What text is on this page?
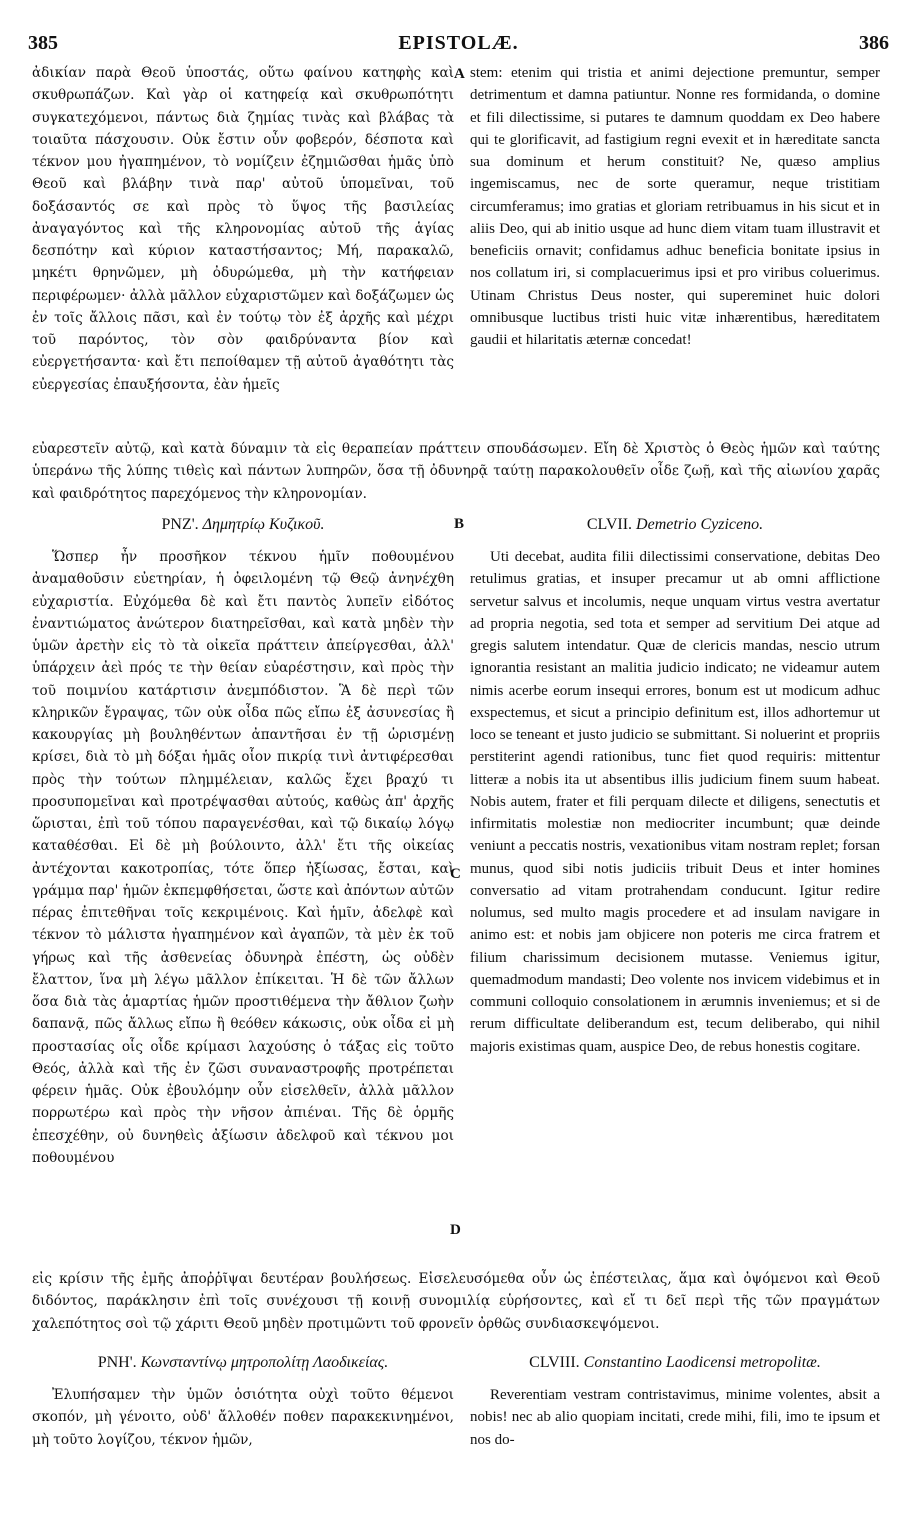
385	EPISTOLÆ.	386

ἀδικίαν παρὰ Θεοῦ ὑποστάς, οὕτω φαίνου κατηφὴς καὶ σκυθρωπάζων. Καὶ γὰρ οἱ κατηφείᾳ καὶ σκυθρωπότητι συγκατεχόμενοι, πάντως διὰ ζημίας τινὰς καὶ βλάβας τὰ τοιαῦτα πάσχουσιν. Οὐκ ἔστιν οὖν φοβερόν, δέσποτα καὶ τέκνον μου ἠγαπημένον, τὸ νομίζειν ἐζημιῶσθαι ἡμᾶς ὑπὸ Θεοῦ καὶ βλάβην τινὰ παρ' αὐτοῦ ὑπομεῖναι, τοῦ δοξάσαντός σε καὶ πρὸς τὸ ὕψος τῆς βασιλείας ἀναγαγόντος καὶ τῆς κληρονομίας αὐτοῦ τῆς ἁγίας δεσπότην καὶ κύριον καταστήσαντος; Μή, παρακαλῶ, μηκέτι θρηνῶμεν, μὴ ὀδυρώμεθα, μὴ τὴν κατήφειαν περιφέρωμεν· ἀλλὰ μᾶλλον εὐχαριστῶμεν καὶ δοξάζωμεν ὡς ἐν τοῖς ἄλλοις πᾶσι, καὶ ἐν τούτῳ τὸν ἐξ ἀρχῆς καὶ μέχρι τοῦ παρόντος, τὸν σὸν φαιδρύναντα βίον καὶ εὐεργετήσαντα· καὶ ἔτι πεποίθαμεν τῇ αὐτοῦ ἀγαθότητι τὰς εὐεργεσίας ἐπαυξήσοντα, ἐὰν ἡμεῖς

A stem: etenim qui tristia et animi dejectione premuntur, semper detrimentum et damna patiuntur. Nonne res formidanda, o domine et fili dilectissime, si putares te damnum quoddam ex Deo habere qui te glorificavit, ad fastigium regni evexit et in hæreditate sancta sua dominum et herum constituit? Ne, quæso amplius ingemiscamus, nec de sorte queramur, neque tristitiam circumferamus; imo gratias et gloriam retribuamus in his sicut et in aliis Deo, qui ab initio usque ad hunc diem vitam tuam illustravit et beneficiis ornavit; confidamus adhuc beneficia bonitate ipsius in nos collatum iri, si complacuerimus ipsi et pro viribus coluerimus. Utinam Christus Deus noster, qui supereminet huic dolori omnibusque luctibus tristi huic vitæ inhærentibus, hæreditatem gaudii et hilaritatis æternæ concedat!

εὐαρεστεῖν αὐτῷ, καὶ κατὰ δύναμιν τὰ εἰς θεραπείαν πράττειν σπουδάσωμεν. Εἴη δὲ Χριστὸς ὁ Θεὸς ἡμῶν καὶ ταύτης ὑπεράνω τῆς λύπης τιθεὶς καὶ πάντων λυπηρῶν, ὅσα τῇ ὀδυνηρᾷ ταύτῃ παρακολουθεῖν οἶδε ζωῇ, καὶ τῆς αἰωνίου χαρᾶς καὶ φαιδρότητος παρεχόμενος τὴν κληρονομίαν.

ΡΝΖ'. Δημητρίῳ Κυζικοῦ.	B	CLVII. Demetrio Cyziceno.

Ὥσπερ ἦν προσῆκον τέκνου ἡμῖν ποθουμένου ἀναμαθοῦσιν εὐετηρίαν, ἡ ὀφειλομένη τῷ Θεῷ ἀνηνέχθη εὐχαριστία. Εὐχόμεθα δὲ καὶ ἔτι παντὸς λυπεῖν εἰδότος ἐναντιώματος ἀνώτερον διατηρεῖσθαι, καὶ κατὰ μηδὲν τὴν ὑμῶν ἀρετὴν εἰς τὸ τὰ οἰκεῖα πράττειν ἀπείργεσθαι, ἀλλ' ὑπάρχειν ἀεὶ πρός τε τὴν θείαν εὐαρέστησιν, καὶ πρὸς τὴν τοῦ ποιμνίου κατάρτισιν ἀνεμπόδιστον. Ἃ δὲ περὶ τῶν κληρικῶν ἔγραψας, τῶν οὐκ οἶδα πῶς εἴπω ἐξ ἀσυνεσίας ἢ κακουργίας μὴ βουληθέντων ἀπαντῆσαι ἐν τῇ ὡρισμένῃ κρίσει, διὰ τὸ μὴ δόξαι ἡμᾶς οἷον πικρίᾳ τινὶ ἀντιφέρεσθαι πρὸς τὴν τούτων πλημμέλειαν, καλῶς ἔχει βραχύ τι προσυπομεῖναι καὶ προτρέψασθαι αὐτούς, καθὼς ἀπ' ἀρχῆς ὥρισται, ἐπὶ τοῦ τόπου παραγενέσθαι, καὶ τῷ δικαίῳ λόγῳ καταθέσθαι. Εἰ δὲ μὴ βούλοιντο, ἀλλ' ἔτι τῆς οἰκείας ἀντέχονται κακοτροπίας, τότε ὅπερ ἠξίωσας, ἔσται, καὶ γράμμα παρ' ἡμῶν ἐκπεμφθήσεται, ὥστε καὶ ἀπόντων αὐτῶν πέρας ἐπιτεθῆναι τοῖς κεκριμένοις. Καὶ ἡμῖν, ἀδελφὲ καὶ τέκνον τὸ μάλιστα ἠγαπημένον καὶ ἀγαπῶν, τὰ μὲν ἐκ τοῦ γήρως καὶ τῆς ἀσθενείας ὀδυνηρὰ ἐπέστη, ὡς οὐδὲν ἔλαττον, ἵνα μὴ λέγω μᾶλλον ἐπίκειται. Ἡ δὲ τῶν ἄλλων ὅσα διὰ τὰς ἁμαρτίας ἡμῶν προστιθέμενα τὴν ἄθλιον ζωὴν δαπανᾷ, πῶς ἄλλως εἴπω ἢ θεόθεν κάκωσις, οὐκ οἶδα εἰ μὴ προστασίας οἷς οἶδε κρίμασι λαχούσης ὁ τάξας εἰς τοῦτο Θεός, ἀλλὰ καὶ τῆς ἐν ζῶσι συναναστροφῆς προτρέπεται φέρειν ἡμᾶς. Οὐκ ἐβουλόμην οὖν εἰσελθεῖν, ἀλλὰ μᾶλλον πορρωτέρω καὶ πρὸς τὴν νῆσον ἀπιέναι. Τῆς δὲ ὁρμῆς ἐπεσχέθην, οὐ δυνηθεὶς ἀξίωσιν ἀδελφοῦ καὶ τέκνου μοι ποθουμένου

C
D

Uti decebat, audita filii dilectissimi conservatione, debitas Deo retulimus gratias, et insuper precamur ut ab omni afflictione servetur salvus et incolumis, neque unquam virtus vestra avertatur ad propria negotia, sed tota et semper ad servitium Dei atque ad gregis salutem intendatur. Quæ de clericis mandas, nescio utrum ignorantia resistant an malitia judicio indicato; ne videamur autem nimis acerbe eorum insequi errores, bonum est ut modicum adhuc exspectemus, et sicut a principio definitum est, illos adhortemur ut loco se teneant et justo judicio se submittant. Si noluerint et propriis perstiterint agendi rationibus, tunc fiet quod requiris: mittentur litteræ a nobis ita ut absentibus illis judicium finem suum habeat. Nobis autem, frater et fili perquam dilecte et diligens, senectutis et infirmitatis molestiæ non mediocriter incumbunt; quæ deinde veniunt a peccatis nostris, vexationibus vitam nostram replet; forsan munus, quod sibi notis judiciis tribuit Deus et inter homines conversatio ad vitam protrahendam conducunt. Igitur redire nolumus, sed multo magis procedere et ad insulam navigare in animo est: et nobis jam objicere non poteris me circa fratrem et filium charissimum decisionem mutasse. Veniemus igitur, quemadmodum mandasti; Deo volente nos invicem videbimus et in communi colloquio consolationem in ærumnis inveniemus; et si de rerum difficultate deliberandum est, tecum deliberabo, qui nihil majoris existimas quam, auspice Deo, de rebus honestis cogitare.

εἰς κρίσιν τῆς ἐμῆς ἀποῤῥῖψαι δευτέραν βουλήσεως. Εἰσελευσόμεθα οὖν ὡς ἐπέστειλας, ἅμα καὶ ὀψόμενοι καὶ Θεοῦ διδόντος, παράκλησιν ἐπὶ τοῖς συνέχουσι τῇ κοινῇ συνομιλίᾳ εὑρήσοντες, καὶ εἴ τι δεῖ περὶ τῆς τῶν πραγμάτων χαλεπότητος σοὶ τῷ χάριτι Θεοῦ μηδὲν προτιμῶντι τοῦ φρονεῖν ὀρθῶς συνδιασκεψόμενοι.

ΡΝΗ'. Κωνσταντίνῳ μητροπολίτῃ Λαοδικείας.	CLVIII. Constantino Laodicensi metropolitæ.

Ἐλυπήσαμεν τὴν ὑμῶν ὁσιότητα οὐχὶ τοῦτο θέμενοι σκοπόν, μὴ γένοιτο, οὐδ' ἄλλοθέν ποθεν παρακεκινημένοι, μὴ τοῦτο λογίζου, τέκνον ἡμῶν,

Reverentiam vestram contristavimus, minime volentes, absit a nobis! nec ab alio quopiam incitati, crede mihi, fili, imo te ipsum et nos do-
